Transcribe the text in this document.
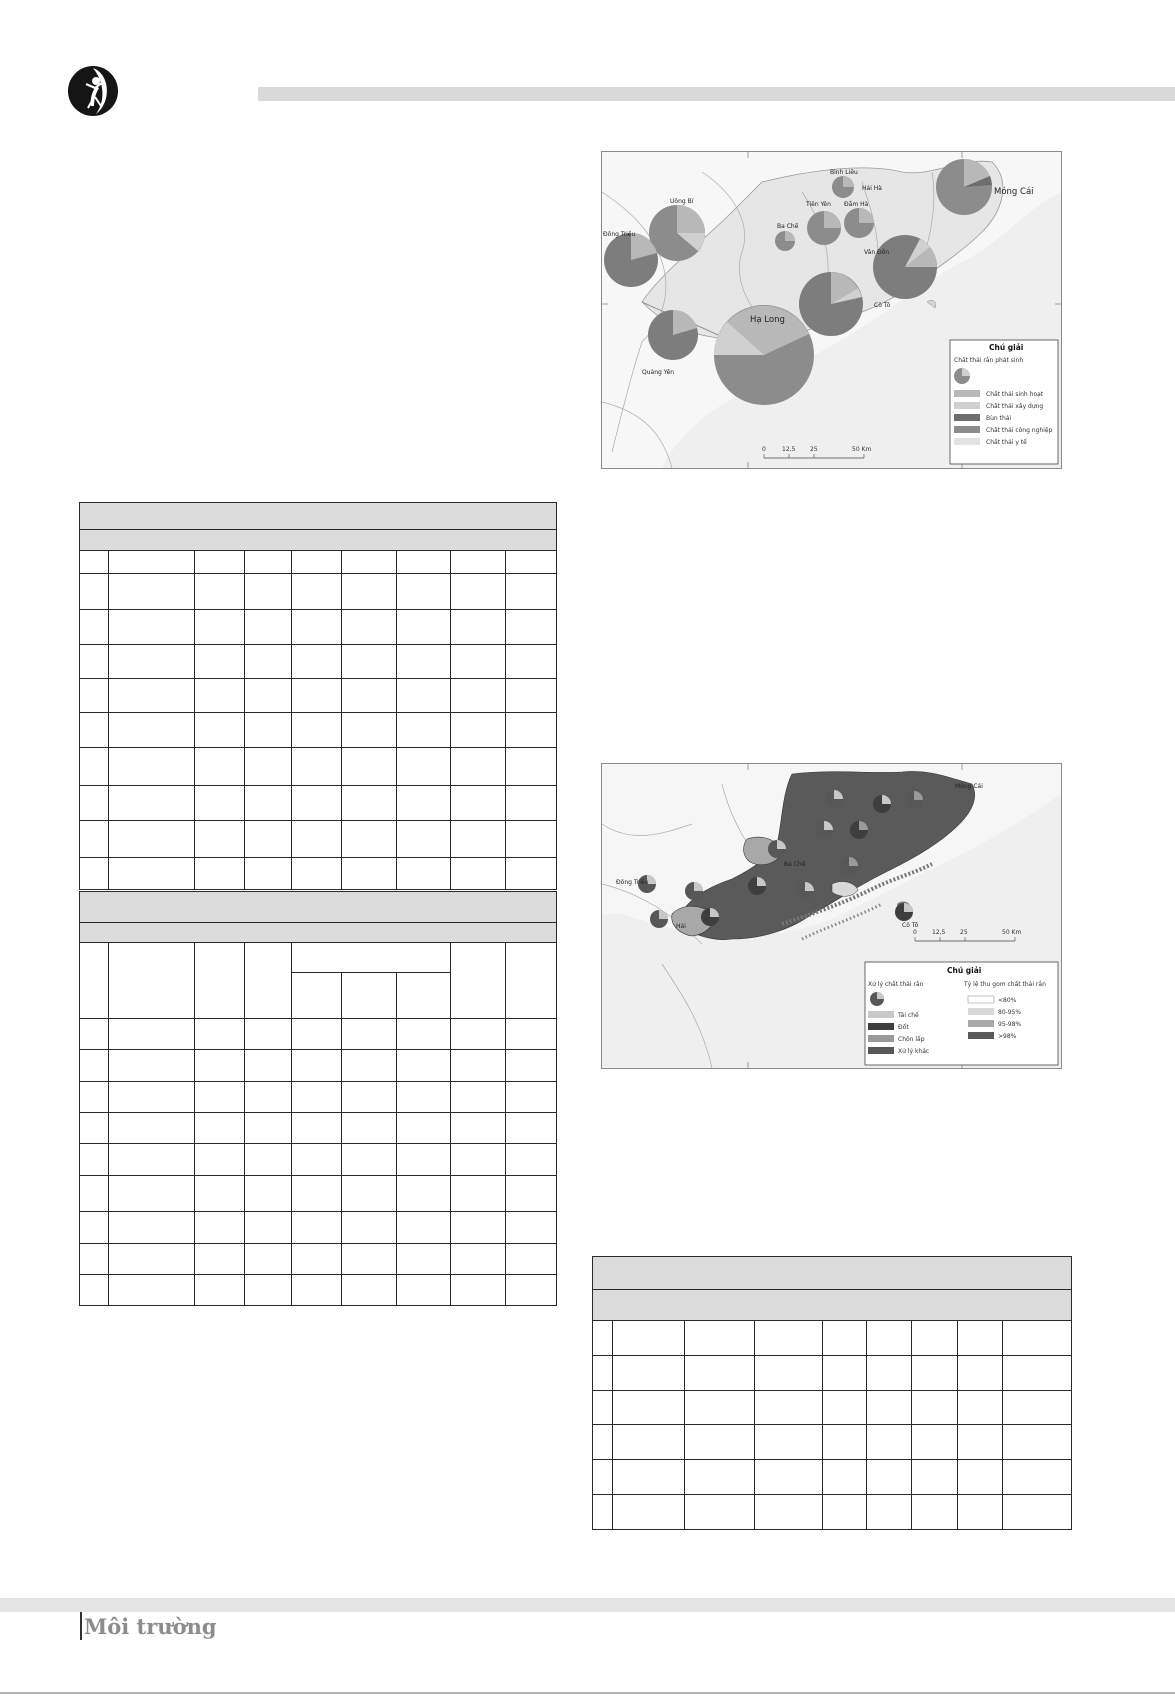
Bình Liêu
Hải Hà	Móng Cái
Đông Triều
Uông Bí
Ba Chẽ
Tiên Yên Đầm Hà
Vân Đồn
Hạ Long
Quảng Yên
Cô Tô
0	12,5 25	50 Km
Chú giải
Chất thải rắn phát sinh
Chất thải sinh hoạt
Chất thải xây dựng
Bùn thải
Chất thải công nghiệp
Chất thải y tế
Móng Cái
Ba Chẽ
Đông Triều
Hải	Cô Tô
0	12,5 25	50 Km
Chú giải
Xử lý chất thải rắn	Tỷ lệ thu gom chất thải rắn
Tái chế
Đốt
Chôn lấp
Xử lý khác
<80%
80-95%
95-98%
>98%

Môi trường
